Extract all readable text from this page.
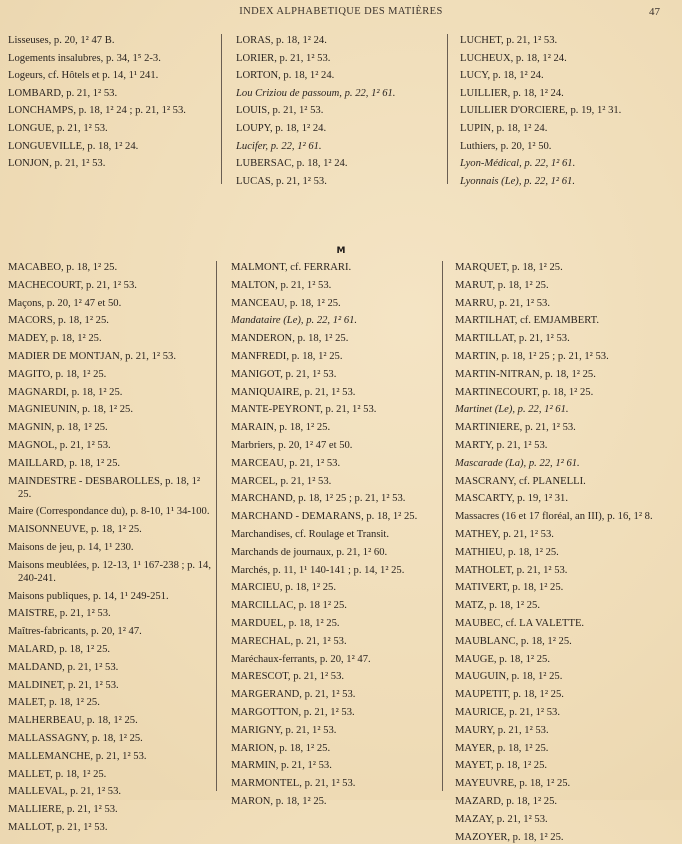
INDEX ALPHABETIQUE DES MATIÈRES	47
Lisseuses, p. 20, 1² 47 B.
Logements insalubres, p. 34, 1⁵ 2-3.
Logeurs, cf. Hôtels et p. 14, 1¹ 241.
LOMBARD, p. 21, 1² 53.
LONCHAMPS, p. 18, 1² 24 ; p. 21, 1² 53.
LONGUE, p. 21, 1² 53.
LONGUEVILLE, p. 18, 1² 24.
LONJON, p. 21, 1² 53.
LORAS, p. 18, 1² 24.
LORIER, p. 21, 1² 53.
LORTON, p. 18, 1² 24.
Lou Criziou de passoum, p. 22, 1² 61.
LOUIS, p. 21, 1² 53.
LOUPY, p. 18, 1² 24.
Lucifer, p. 22, 1² 61.
LUBERSAC, p. 18, 1² 24.
LUCAS, p. 21, 1² 53.
LUCHET, p. 21, 1² 53.
LUCHEUX, p. 18, 1² 24.
LUCY, p. 18, 1² 24.
LUILLIER, p. 18, 1² 24.
LUILLIER D'ORCIERE, p. 19, 1² 31.
LUPIN, p. 18, 1² 24.
Luthiers, p. 20, 1² 50.
Lyon-Médical, p. 22, 1² 61.
Lyonnais (Le), p. 22, 1² 61.
M
MACABEO, p. 18, 1² 25.
MACHECOURT, p. 21, 1² 53.
Maçons, p. 20, 1² 47 et 50.
MACORS, p. 18, 1² 25.
MADEY, p. 18, 1² 25.
MADIER DE MONTJAN, p. 21, 1² 53.
MAGITO, p. 18, 1² 25.
MAGNARDI, p. 18, 1² 25.
MAGNIEUNIN, p. 18, 1² 25.
MAGNIN, p. 18, 1² 25.
MAGNOL, p. 21, 1² 53.
MAILLARD, p. 18, 1² 25.
MAINDESTRE - DESBAROLLES, p. 18, 1² 25.
Maire (Correspondance du), p. 8-10, 1¹ 34-100.
MAISONNEUVE, p. 18, 1² 25.
Maisons de jeu, p. 14, 1¹ 230.
Maisons meublées, p. 12-13, 1¹ 167-238 ; p. 14, 240-241.
Maisons publiques, p. 14, 1¹ 249-251.
MAISTRE, p. 21, 1² 53.
Maîtres-fabricants, p. 20, 1² 47.
MALARD, p. 18, 1² 25.
MALDAND, p. 21, 1² 53.
MALDINET, p. 21, 1² 53.
MALET, p. 18, 1² 25.
MALHERBEAU, p. 18, 1² 25.
MALLASSAGNY, p. 18, 1² 25.
MALLEMANCHE, p. 21, 1² 53.
MALLET, p. 18, 1² 25.
MALLEVAL, p. 21, 1² 53.
MALLIERE, p. 21, 1² 53.
MALLOT, p. 21, 1² 53.
MALMONT, cf. FERRARI.
MALTON, p. 21, 1² 53.
MANCEAU, p. 18, 1² 25.
Mandataire (Le), p. 22, 1² 61.
MANDERON, p. 18, 1² 25.
MANFREDI, p. 18, 1² 25.
MANIGOT, p. 21, 1² 53.
MANIQUAIRE, p. 21, 1² 53.
MANTE-PEYRONT, p. 21, 1² 53.
MARAIN, p. 18, 1² 25.
Marbriers, p. 20, 1² 47 et 50.
MARCEAU, p. 21, 1² 53.
MARCEL, p. 21, 1² 53.
MARCHAND, p. 18, 1² 25 ; p. 21, 1² 53.
MARCHAND - DEMARANS, p. 18, 1² 25.
Marchandises, cf. Roulage et Transit.
Marchands de journaux, p. 21, 1² 60.
Marchés, p. 11, 1¹ 140-141 ; p. 14, 1² 25.
MARCIEU, p. 18, 1² 25.
MARCILLAC, p. 18 1² 25.
MARDUEL, p. 18, 1² 25.
MARECHAL, p. 21, 1² 53.
Maréchaux-ferrants, p. 20, 1² 47.
MARESCOT, p. 21, 1² 53.
MARGERAND, p. 21, 1² 53.
MARGOTTON, p. 21, 1² 53.
MARIGNY, p. 21, 1² 53.
MARION, p. 18, 1² 25.
MARMIN, p. 21, 1² 53.
MARMONTEL, p. 21, 1² 53.
MARON, p. 18, 1² 25.
MARQUET, p. 18, 1² 25.
MARUT, p. 18, 1² 25.
MARRU, p. 21, 1² 53.
MARTILHAT, cf. EMJAMBERT.
MARTILLAT, p. 21, 1² 53.
MARTIN, p. 18, 1² 25 ; p. 21, 1² 53.
MARTIN-NITRAN, p. 18, 1² 25.
MARTINECOURT, p. 18, 1² 25.
Martinet (Le), p. 22, 1² 61.
MARTINIERE, p. 21, 1² 53.
MARTY, p. 21, 1² 53.
Mascarade (La), p. 22, 1² 61.
MASCRANY, cf. PLANELLI.
MASCARTY, p. 19, 1² 31.
Massacres (16 et 17 floréal, an III), p. 16, 1² 8.
MATHEY, p. 21, 1² 53.
MATHIEU, p. 18, 1² 25.
MATHOLET, p. 21, 1² 53.
MATIVERT, p. 18, 1² 25.
MATZ, p. 18, 1² 25.
MAUBEC, cf. LA VALETTE.
MAUBLANC, p. 18, 1² 25.
MAUGE, p. 18, 1² 25.
MAUGUIN, p. 18, 1² 25.
MAUPETIT, p. 18, 1² 25.
MAURICE, p. 21, 1² 53.
MAURY, p. 21, 1² 53.
MAYER, p. 18, 1² 25.
MAYET, p. 18, 1² 25.
MAYEUVRE, p. 18, 1² 25.
MAZARD, p. 18, 1² 25.
MAZAY, p. 21, 1² 53.
MAZOYER, p. 18, 1² 25.
